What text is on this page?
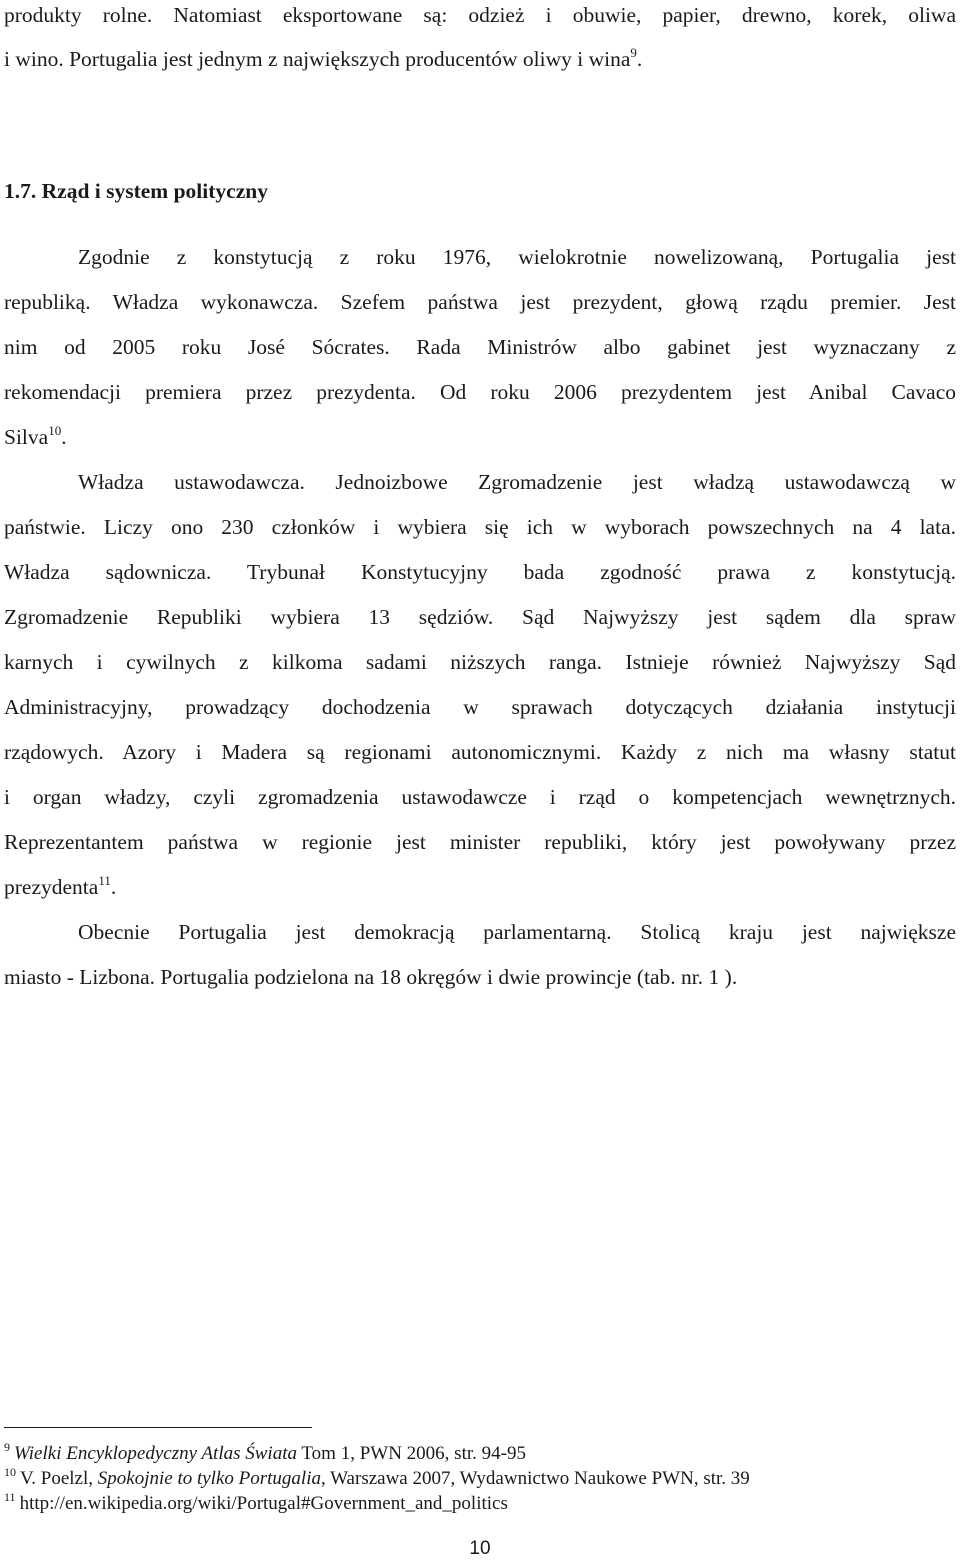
produkty rolne. Natomiast eksportowane są: odzież i obuwie, papier, drewno, korek, oliwa
i wino. Portugalia jest jednym z największych producentów oliwy i wina$^9$.
1.7. Rząd i system polityczny
Zgodnie z konstytucją z roku 1976, wielokrotnie nowelizowaną, Portugalia jest
republiką. Władza wykonawcza. Szefem państwa jest prezydent, głową rządu premier. Jest
nim od 2005 roku José Sócrates. Rada Ministrów albo gabinet jest wyznaczany z
rekomendacji premiera przez prezydenta. Od roku 2006 prezydentem jest Anibal Cavaco
Silva$^{10}$.
Władza ustawodawcza. Jednoizbowe Zgromadzenie jest władzą ustawodawczą w
państwie. Liczy ono 230 członków i wybiera się ich w wyborach powszechnych na 4 lata.
Władza sądownicza. Trybunał Konstytucyjny bada zgodność prawa z konstytucją.
Zgromadzenie Republiki wybiera 13 sędziów. Sąd Najwyższy jest sądem dla spraw
karnych i cywilnych z kilkoma sadami niższych ranga. Istnieje również Najwyższy Sąd
Administracyjny, prowadzący dochodzenia w sprawach dotyczących działania instytucji
rządowych. Azory i Madera są regionami autonomicznymi. Każdy z nich ma własny statut
i organ władzy, czyli zgromadzenia ustawodawcze i rząd o kompetencjach wewnętrznych.
Reprezentantem państwa w regionie jest minister republiki, który jest powoływany przez
prezydenta$^{11}$.
Obecnie Portugalia jest demokracją parlamentarną. Stolicą kraju jest największe
miasto - Lizbona. Portugalia podzielona na 18 okręgów i dwie prowincje (tab. nr. 1 ).
$^9$ Wielki Encyklopedyczny Atlas Świata Tom 1, PWN 2006, str. 94-95
$^{10}$ V. Poelzl, Spokojnie to tylko Portugalia, Warszawa 2007, Wydawnictwo Naukowe PWN, str. 39
$^{11}$ http://en.wikipedia.org/wiki/Portugal#Government_and_politics
10
